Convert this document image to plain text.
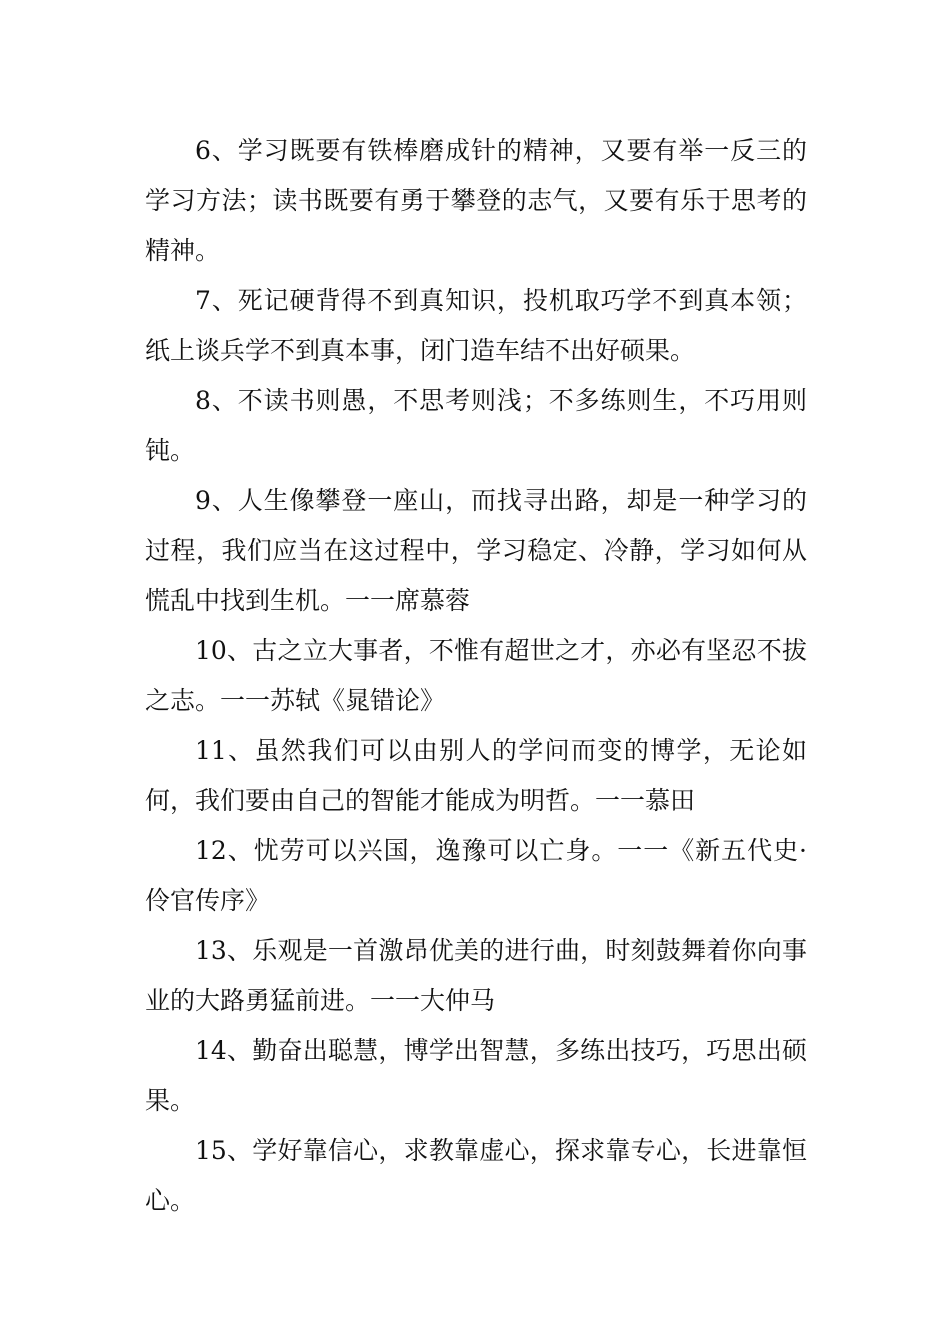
6、学习既要有铁棒磨成针的精神，又要有举一反三的学习方法；读书既要有勇于攀登的志气，又要有乐于思考的精神。

7、死记硬背得不到真知识，投机取巧学不到真本领；纸上谈兵学不到真本事，闭门造车结不出好硕果。

8、不读书则愚，不思考则浅；不多练则生，不巧用则钝。

9、人生像攀登一座山，而找寻出路，却是一种学习的过程，我们应当在这过程中，学习稳定、冷静，学习如何从慌乱中找到生机。一一席慕蓉

10、古之立大事者，不惟有超世之才，亦必有坚忍不拔之志。一一苏轼《晁错论》

11、虽然我们可以由别人的学问而变的博学，无论如何，我们要由自己的智能才能成为明哲。一一慕田

12、忧劳可以兴国，逸豫可以亡身。一一《新五代史·伶官传序》

13、乐观是一首激昂优美的进行曲，时刻鼓舞着你向事业的大路勇猛前进。一一大仲马

14、勤奋出聪慧，博学出智慧，多练出技巧，巧思出硕果。

15、学好靠信心，求教靠虚心，探求靠专心，长进靠恒心。
